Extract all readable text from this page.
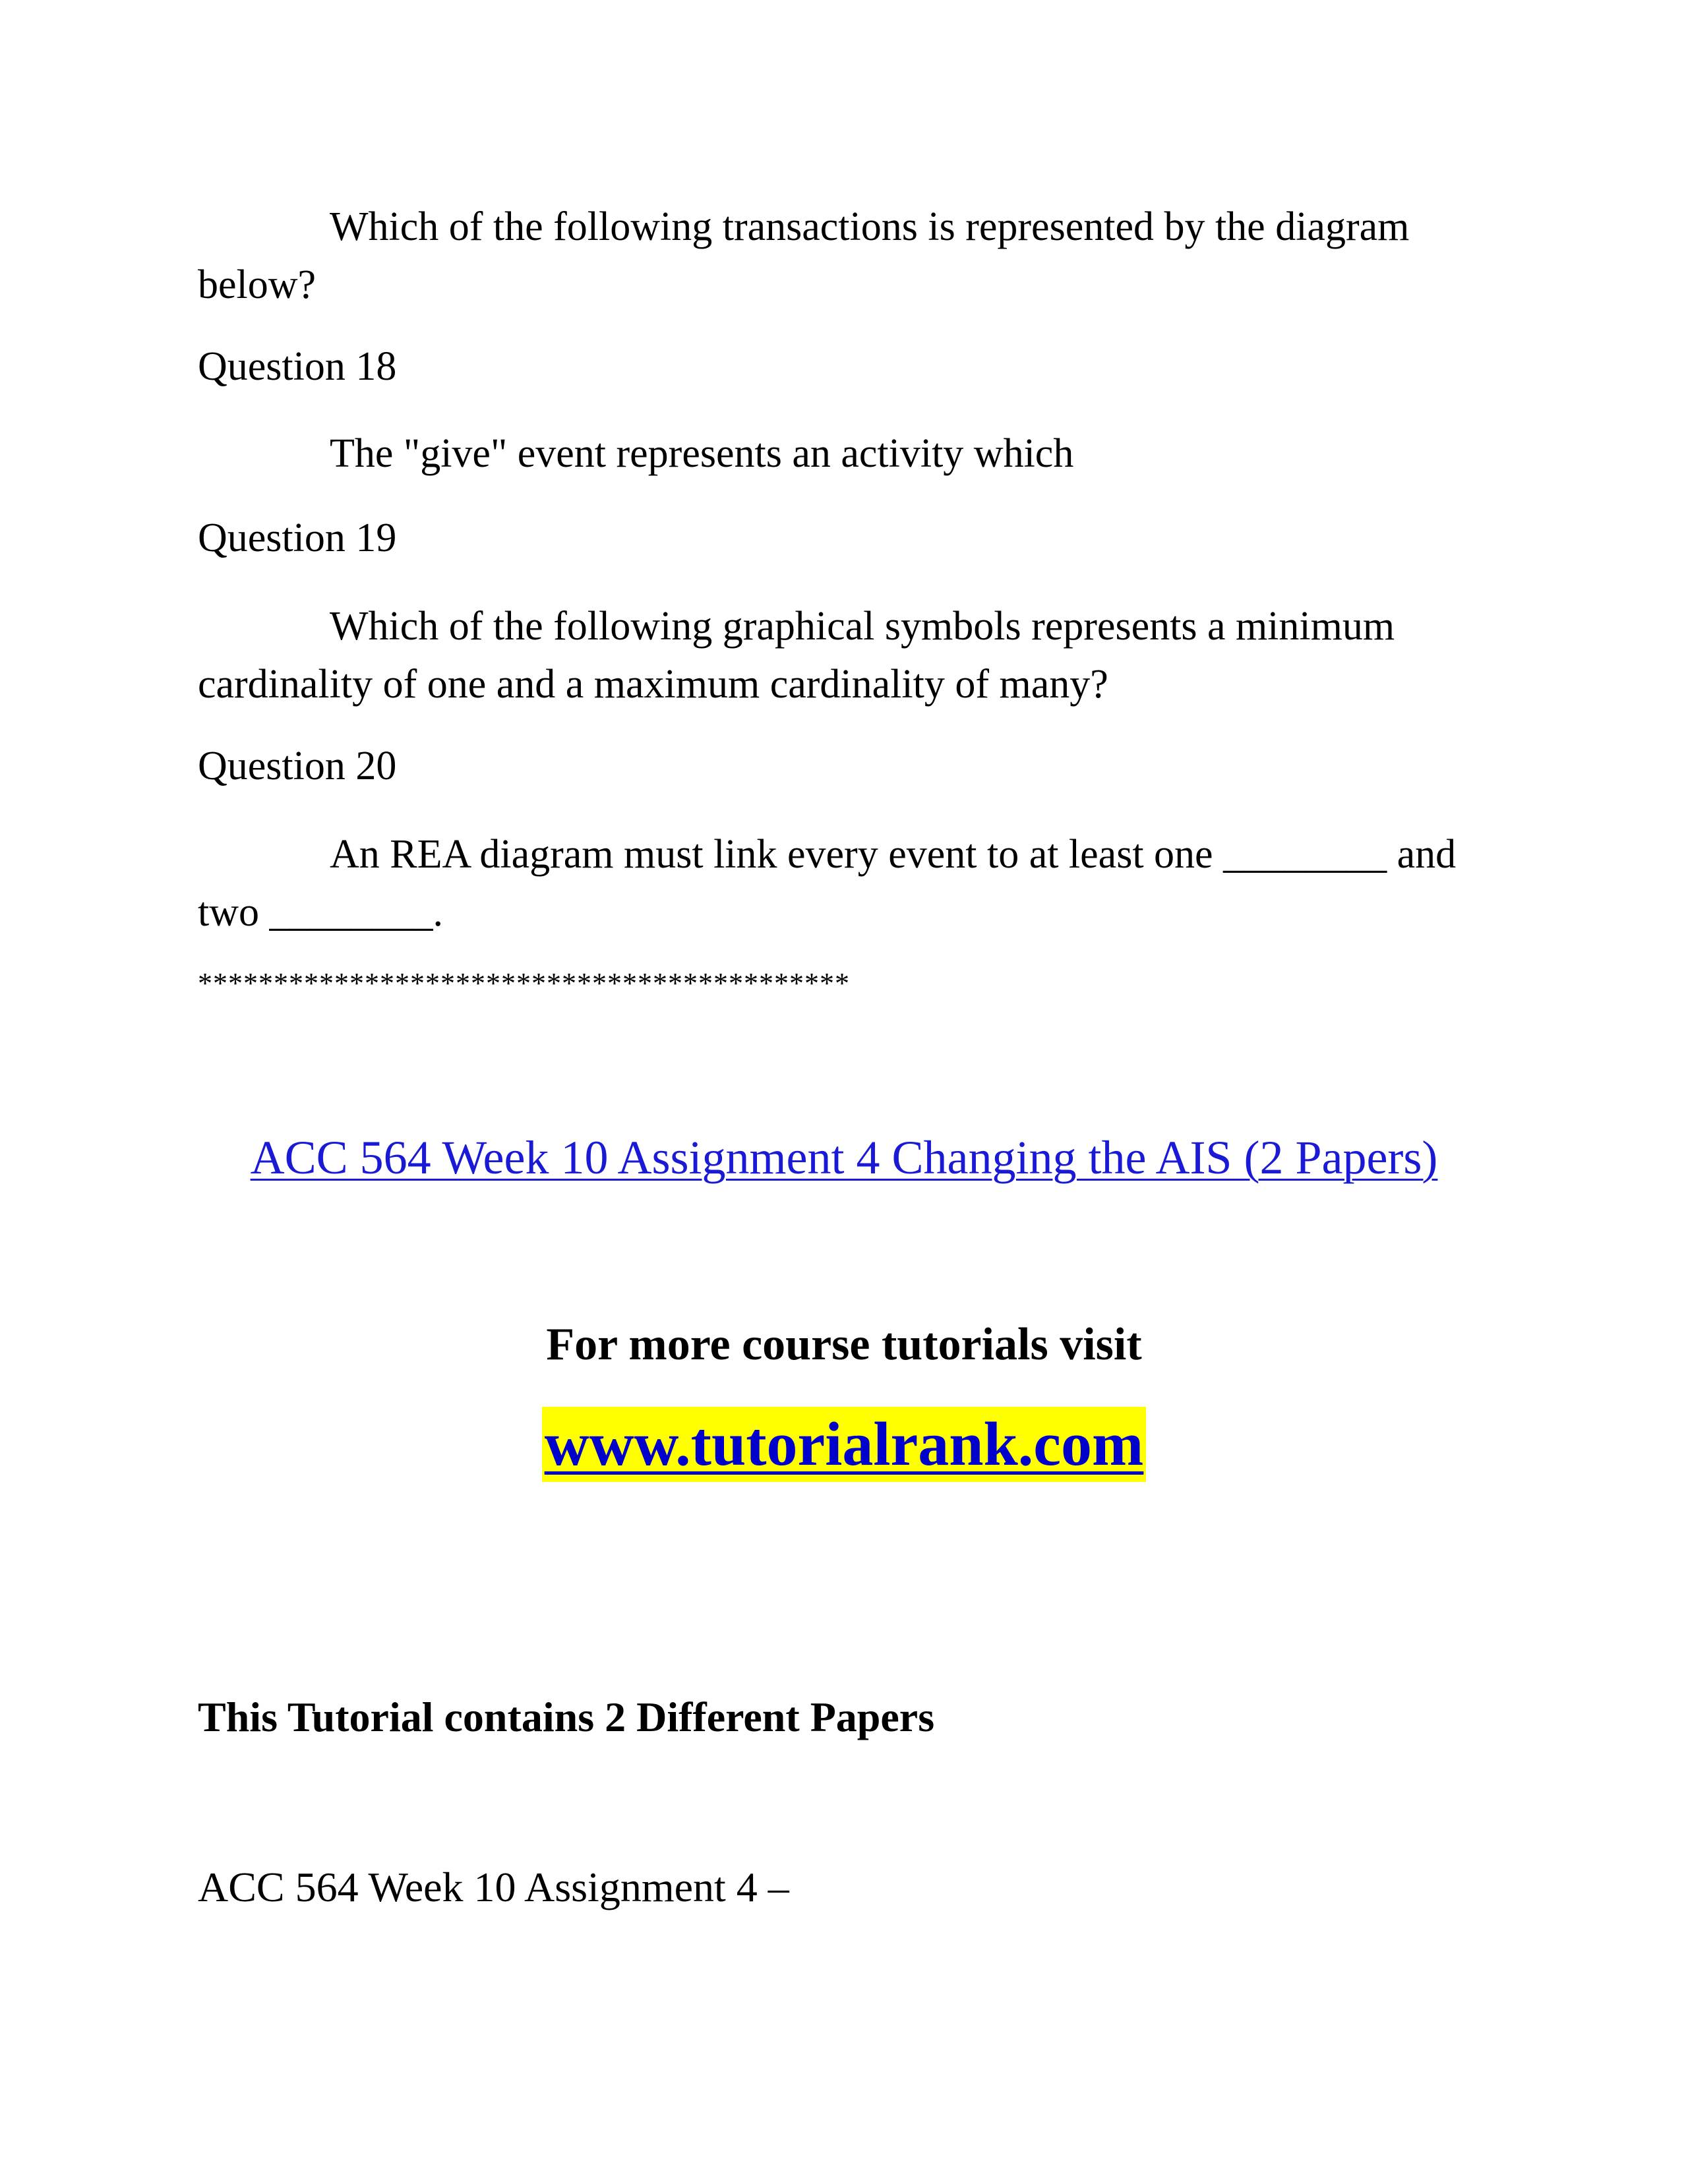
Which of the following transactions is represented by the diagram below?
Question 18
The "give" event represents an activity which
Question 19
Which of the following graphical symbols represents a minimum cardinality of one and a maximum cardinality of many?
Question 20
An REA diagram must link every event to at least one ________ and two ________.
*******************************************
ACC 564 Week 10 Assignment 4 Changing the AIS (2 Papers)
For more course tutorials visit
www.tutorialrank.com
This Tutorial contains 2 Different Papers
ACC 564 Week 10 Assignment 4 –
